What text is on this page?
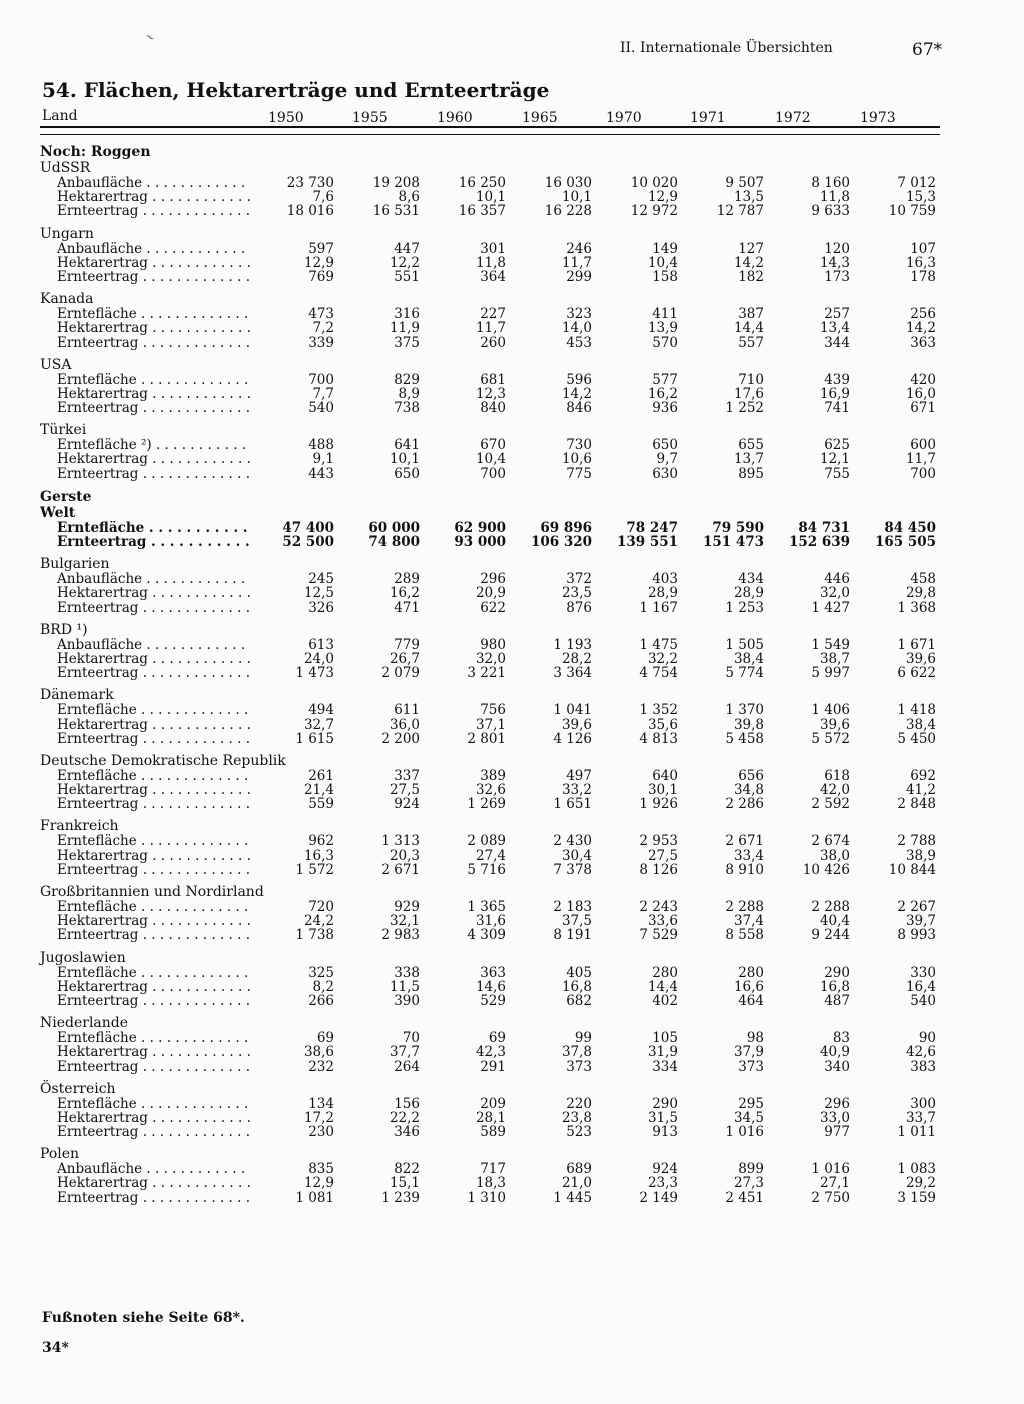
~
II. Internationale Übersichten	67*
54. Flächen, Hektarerträge und Ernteerträge
Land	1950	1955	1960	1965	1970	1971	1972	1973
Noch: Roggen
UdSSR
Anbaufläche . . .	23 730	19 208	16 250	16 030	10 020	9 507	8 160	7 012
Hektarertrag . . .	7,6	8,6	10,1	10,1	12,9	13,5	11,8	15,3
Ernteertrag . . .	18 016	16 531	16 357	16 228	12 972	12 787	9 633	10 759
Ungarn
Anbaufläche . . .	597	447	301	246	149	127	120	107
Hektarertrag . . .	12,9	12,2	11,8	11,7	10,4	14,2	14,3	16,3
Ernteertrag . . .	769	551	364	299	158	182	173	178
Kanada
Erntefläche . . .	473	316	227	323	411	387	257	256
Hektarertrag . . .	7,2	11,9	11,7	14,0	13,9	14,4	13,4	14,2
Ernteertrag . . .	339	375	260	453	570	557	344	363
USA
Erntefläche . . .	700	829	681	596	577	710	439	420
Hektarertrag . . .	7,7	8,9	12,3	14,2	16,2	17,6	16,9	16,0
Ernteertrag . . .	540	738	840	846	936	1 252	741	671
Türkei
Erntefläche ²) . . .	488	641	670	730	650	655	625	600
Hektarertrag . . .	9,1	10,1	10,4	10,6	9,7	13,7	12,1	11,7
Ernteertrag . . .	443	650	700	775	630	895	755	700
Gerste
Welt
Erntefläche . . .	47 400	60 000	62 900	69 896	78 247	79 590	84 731	84 450
Ernteertrag . . .	52 500	74 800	93 000	106 320	139 551	151 473	152 639	165 505
Bulgarien
Anbaufläche . . .	245	289	296	372	403	434	446	458
Hektarertrag . . .	12,5	16,2	20,9	23,5	28,9	28,9	32,0	29,8
Ernteertrag . . .	326	471	622	876	1 167	1 253	1 427	1 368
BRD ¹)
Anbaufläche . . .	613	779	980	1 193	1 475	1 505	1 549	1 671
Hektarertrag . . .	24,0	26,7	32,0	28,2	32,2	38,4	38,7	39,6
Ernteertrag . . .	1 473	2 079	3 221	3 364	4 754	5 774	5 997	6 622
Dänemark
Erntefläche . . .	494	611	756	1 041	1 352	1 370	1 406	1 418
Hektarertrag . . .	32,7	36,0	37,1	39,6	35,6	39,8	39,6	38,4
Ernteertrag . . .	1 615	2 200	2 801	4 126	4 813	5 458	5 572	5 450
Deutsche Demokratische Republik
Erntefläche . . .	261	337	389	497	640	656	618	692
Hektarertrag . . .	21,4	27,5	32,6	33,2	30,1	34,8	42,0	41,2
Ernteertrag . . .	559	924	1 269	1 651	1 926	2 286	2 592	2 848
Frankreich
Erntefläche . . .	962	1 313	2 089	2 430	2 953	2 671	2 674	2 788
Hektarertrag . . .	16,3	20,3	27,4	30,4	27,5	33,4	38,0	38,9
Ernteertrag . . .	1 572	2 671	5 716	7 378	8 126	8 910	10 426	10 844
Großbritannien und Nordirland
Erntefläche . . .	720	929	1 365	2 183	2 243	2 288	2 288	2 267
Hektarertrag . . .	24,2	32,1	31,6	37,5	33,6	37,4	40,4	39,7
Ernteertrag . . .	1 738	2 983	4 309	8 191	7 529	8 558	9 244	8 993
Jugoslawien
Erntefläche . . .	325	338	363	405	280	280	290	330
Hektarertrag . . .	8,2	11,5	14,6	16,8	14,4	16,6	16,8	16,4
Ernteertrag . . .	266	390	529	682	402	464	487	540
Niederlande
Erntefläche . . .	69	70	69	99	105	98	83	90
Hektarertrag . . .	38,6	37,7	42,3	37,8	31,9	37,9	40,9	42,6
Ernteertrag . . .	232	264	291	373	334	373	340	383
Österreich
Erntefläche . . .	134	156	209	220	290	295	296	300
Hektarertrag . . .	17,2	22,2	28,1	23,8	31,5	34,5	33,0	33,7
Ernteertrag . . .	230	346	589	523	913	1 016	977	1 011
Polen
Anbaufläche . . .	835	822	717	689	924	899	1 016	1 083
Hektarertrag . . .	12,9	15,1	18,3	21,0	23,3	27,3	27,1	29,2
Ernteertrag . . .	1 081	1 239	1 310	1 445	2 149	2 451	2 750	3 159
Fußnoten siehe Seite 68*.
34*
